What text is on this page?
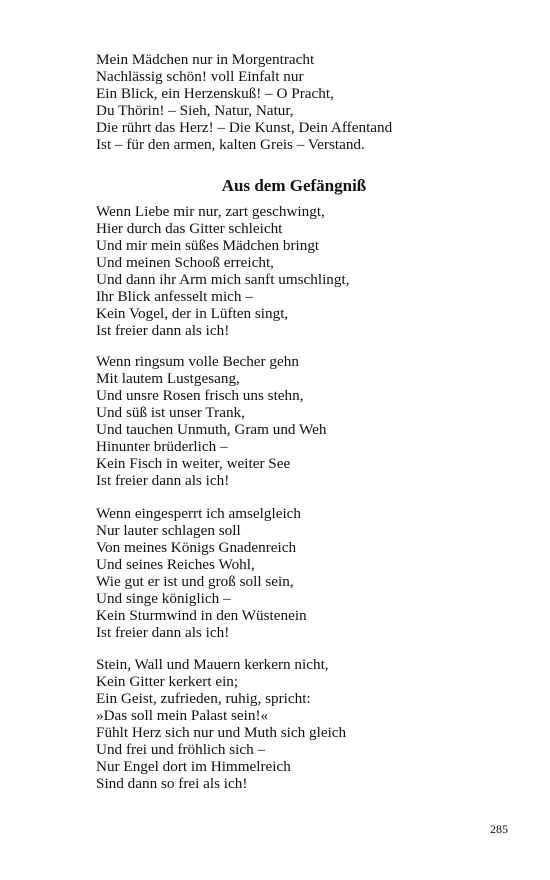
Mein Mädchen nur in Morgentracht
Nachlässig schön! voll Einfalt nur
Ein Blick, ein Herzenskuß! – O Pracht,
Du Thörin! – Sieh, Natur, Natur,
Die rührt das Herz! – Die Kunst, Dein Affentand
Ist – für den armen, kalten Greis – Verstand.
Aus dem Gefängniß
Wenn Liebe mir nur, zart geschwingt,
Hier durch das Gitter schleicht
Und mir mein süßes Mädchen bringt
Und meinen Schooß erreicht,
Und dann ihr Arm mich sanft umschlingt,
Ihr Blick anfesselt mich –
Kein Vogel, der in Lüften singt,
Ist freier dann als ich!
Wenn ringsum volle Becher gehn
Mit lautem Lustgesang,
Und unsre Rosen frisch uns stehn,
Und süß ist unser Trank,
Und tauchen Unmuth, Gram und Weh
Hinunter brüderlich –
Kein Fisch in weiter, weiter See
Ist freier dann als ich!
Wenn eingesperrt ich amselgleich
Nur lauter schlagen soll
Von meines Königs Gnadenreich
Und seines Reiches Wohl,
Wie gut er ist und groß soll sein,
Und singe königlich –
Kein Sturmwind in den Wüstenein
Ist freier dann als ich!
Stein, Wall und Mauern kerkern nicht,
Kein Gitter kerkert ein;
Ein Geist, zufrieden, ruhig, spricht:
»Das soll mein Palast sein!«
Fühlt Herz sich nur und Muth sich gleich
Und frei und fröhlich sich –
Nur Engel dort im Himmelreich
Sind dann so frei als ich!
285
